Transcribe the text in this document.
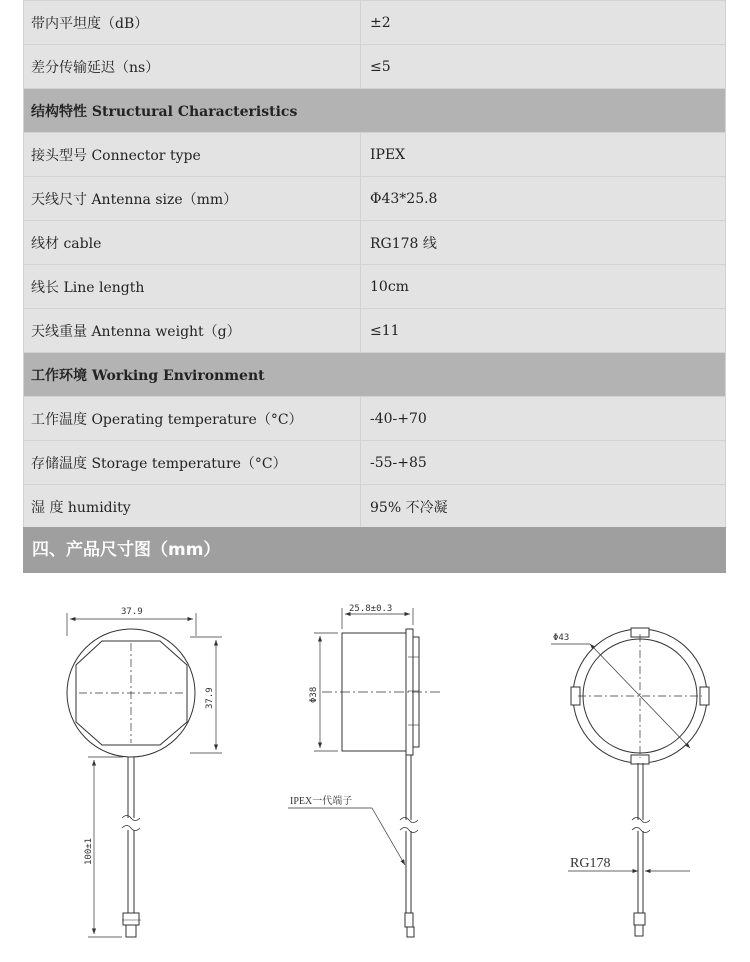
带内平坦度（dB）	±2
差分传输延迟（ns）	≤5
结构特性 Structural Characteristics	
接头型号 Connector type	IPEX
天线尺寸 Antenna size（mm）	Φ43*25.8
线材 cable	RG178 线
线长 Line length	10cm
天线重量 Antenna weight（g）	≤11
工作环境 Working Environment	
工作温度 Operating temperature（°C）	-40-+70
存储温度 Storage temperature（°C）	-55-+85
湿 度 humidity	95% 不冷凝
四、产品尺寸图（mm）
37.9
37.9
100±1
25.8±0.3
Φ38
IPEX一代端子
Φ43
RG178
